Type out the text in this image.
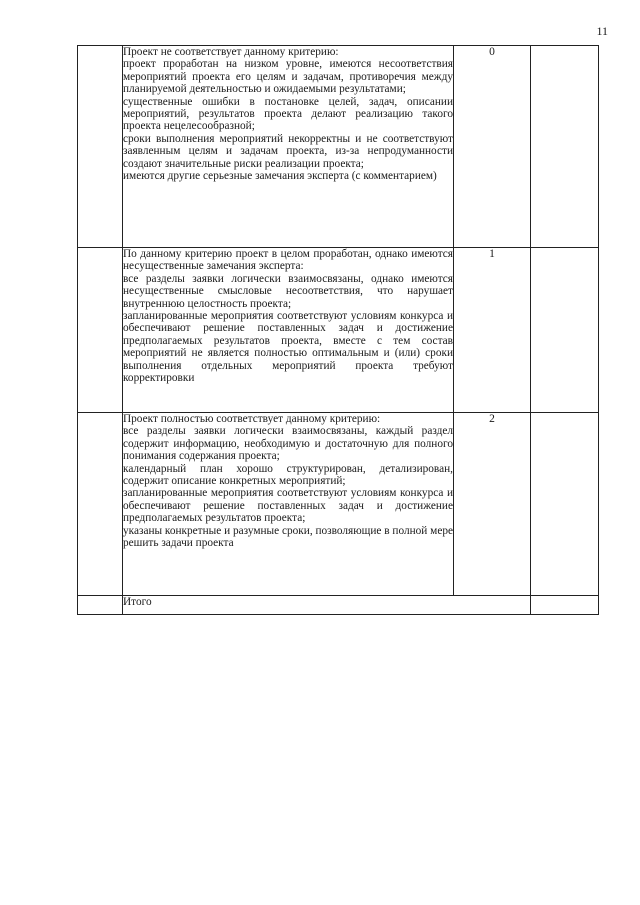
11

	Проект не соответствует данному критерию:

проект проработан на низком уровне, имеются несоответствия мероприятий проекта его целям и задачам, противоречия между планируемой деятельностью и ожидаемыми результатами;

существенные ошибки в постановке целей, задач, описании мероприятий, результатов проекта делают реализацию такого проекта нецелесообразной;

сроки выполнения мероприятий некорректны и не соответствуют заявленным целям и задачам проекта, из-за непродуманности создают значительные риски реализации проекта;

имеются другие серьезные замечания эксперта (с комментарием)	0	

	По данному критерию проект в целом проработан, однако имеются несущественные замечания эксперта:

все разделы заявки логически взаимосвязаны, однако имеются несущественные смысловые несоответствия, что нарушает внутреннюю целостность проекта;

запланированные мероприятия соответствуют условиям конкурса и обеспечивают решение поставленных задач и достижение предполагаемых результатов проекта, вместе с тем состав мероприятий не является полностью оптимальным и (или) сроки выполнения отдельных мероприятий проекта требуют корректировки	1	

	Проект полностью соответствует данному критерию:

все разделы заявки логически взаимосвязаны, каждый раздел содержит информацию, необходимую и достаточную для полного понимания содержания проекта;

календарный план хорошо структурирован, детализирован, содержит описание конкретных мероприятий;

запланированные мероприятия соответствуют условиям конкурса и обеспечивают решение поставленных задач и достижение предполагаемых результатов проекта;

указаны конкретные и разумные сроки, позволяющие в полной мере решить задачи проекта	2	
	Итого		
